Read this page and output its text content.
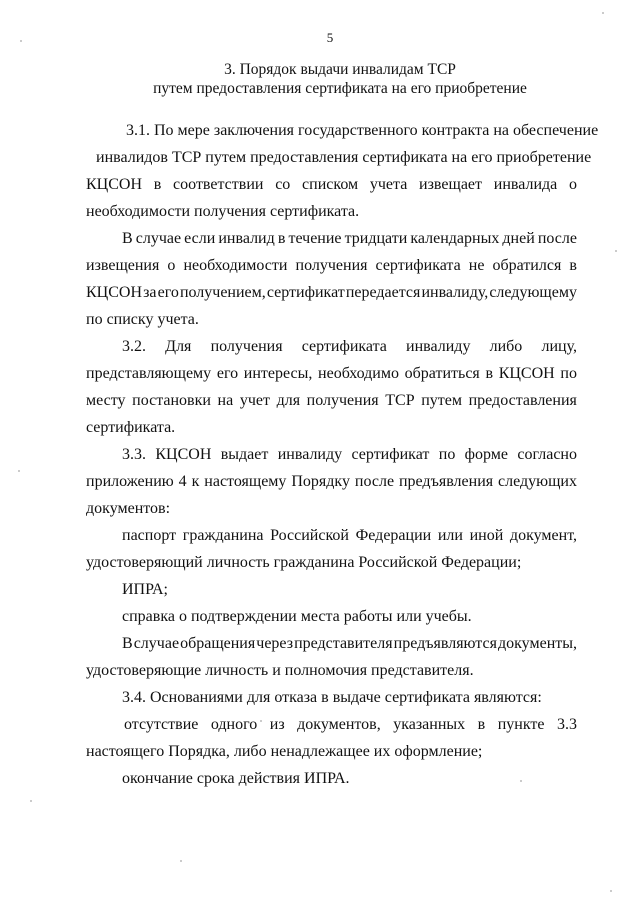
5
3. Порядок выдачи инвалидам ТСР
путем предоставления сертификата на его приобретение
3.1. По мере заключения государственного контракта на обеспечение
инвалидов ТСР путем предоставления сертификата на его приобретение
КЦСОН в соответствии со списком учета извещает инвалида о
необходимости получения сертификата.
В случае если инвалид в течение тридцати календарных дней после
извещения о необходимости получения сертификата не обратился в
КЦСОН за его получением, сертификат передается инвалиду, следующему
по списку учета.
3.2. Для получения сертификата инвалиду либо лицу,
представляющему его интересы, необходимо обратиться в КЦСОН по
месту постановки на учет для получения ТСР путем предоставления
сертификата.
3.3. КЦСОН выдает инвалиду сертификат по форме согласно
приложению 4 к настоящему Порядку после предъявления следующих
документов:
паспорт гражданина Российской Федерации или иной документ,
удостоверяющий личность гражданина Российской Федерации;
ИПРА;
справка о подтверждении места работы или учебы.
В случае обращения через представителя предъявляются документы,
удостоверяющие личность и полномочия представителя.
3.4. Основаниями для отказа в выдаче сертификата являются:
отсутствие одного из документов, указанных в пункте 3.3
настоящего Порядка, либо ненадлежащее их оформление;
окончание срока действия ИПРА.
